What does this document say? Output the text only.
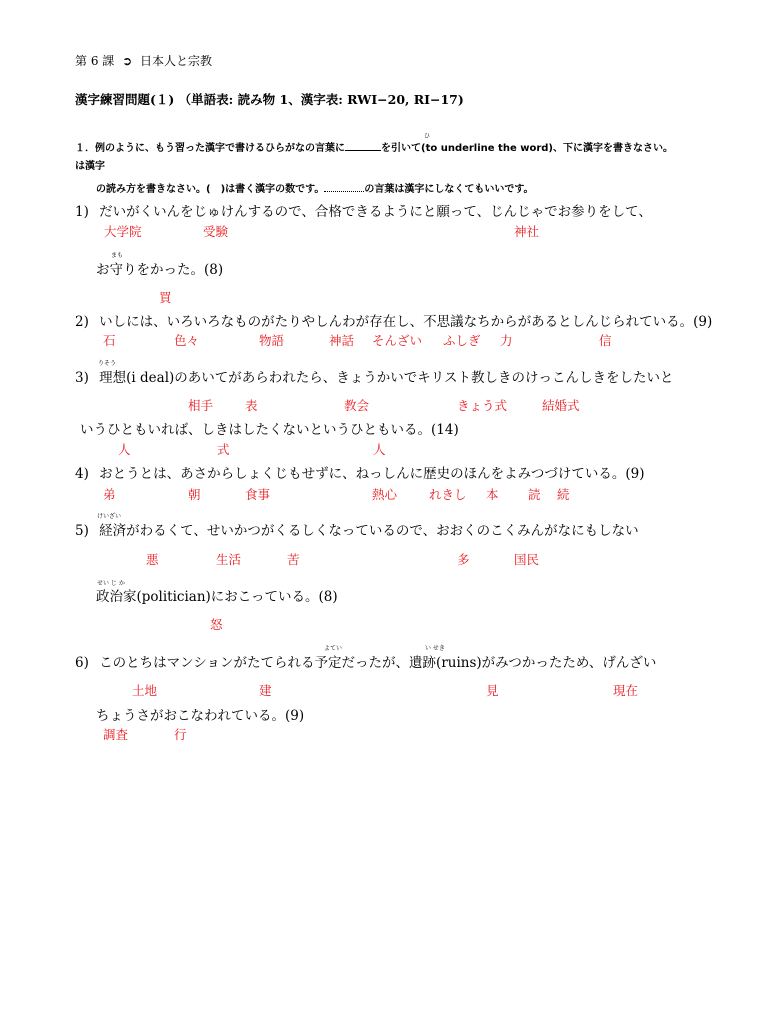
第 6 課 ➲ 日本人と宗教
漢字練習問題(１) （単語表: 読み物 1、漢字表: RWI−20, RI−17)
ひ
１．例のように、もう習った漢字で書けるひらがなの言葉に	を引いて(to underline the word)、下に漢字を書きなさい。
は漢字
の読み方を書きなさい。(　)は書く漢字の数です。	の言葉は漢字にしなくてもいいです。
1) だいがくいんをじゅけんするので、合格できるようにと願って、じんじゃでお参りをして、
大学院	受験	神社
まも
お守りをかった。(8)
買
2) いしには、いろいろなものがたりやしんわが存在し、不思議なちからがあるとしんじられている。(9)
石	色々	物語	神話 そんざい ふしぎ 力	信
りそう
3) 理想(i deal)のあいてがあらわれたら、きょうかいでキリスト教しきのけっこんしきをしたいと
相手	表	教会	きょう式	結婚式
いうひともいれば、しきはしたくないというひともいる。(14)
人	式	人
4) おとうとは、あさからしょくじもせずに、ねっしんに歴史のほんをよみつづけている。(9)
弟	朝	食事	熱心	れきし 本 読 続
けいざい
5) 経済がわるくて、せいかつがくるしくなっているので、おおくのこくみんがなにもしない
悪	生活	苦	多	国民
せい じ か
政治家(politician)におこっている。(8)
怒
よてい	い せき
6) このとちはマンションがたてられる予定だったが、遺跡(ruins)がみつかったため、げんざい
土地	建	見	現在
ちょうさがおこなわれている。(9)
調査	行
